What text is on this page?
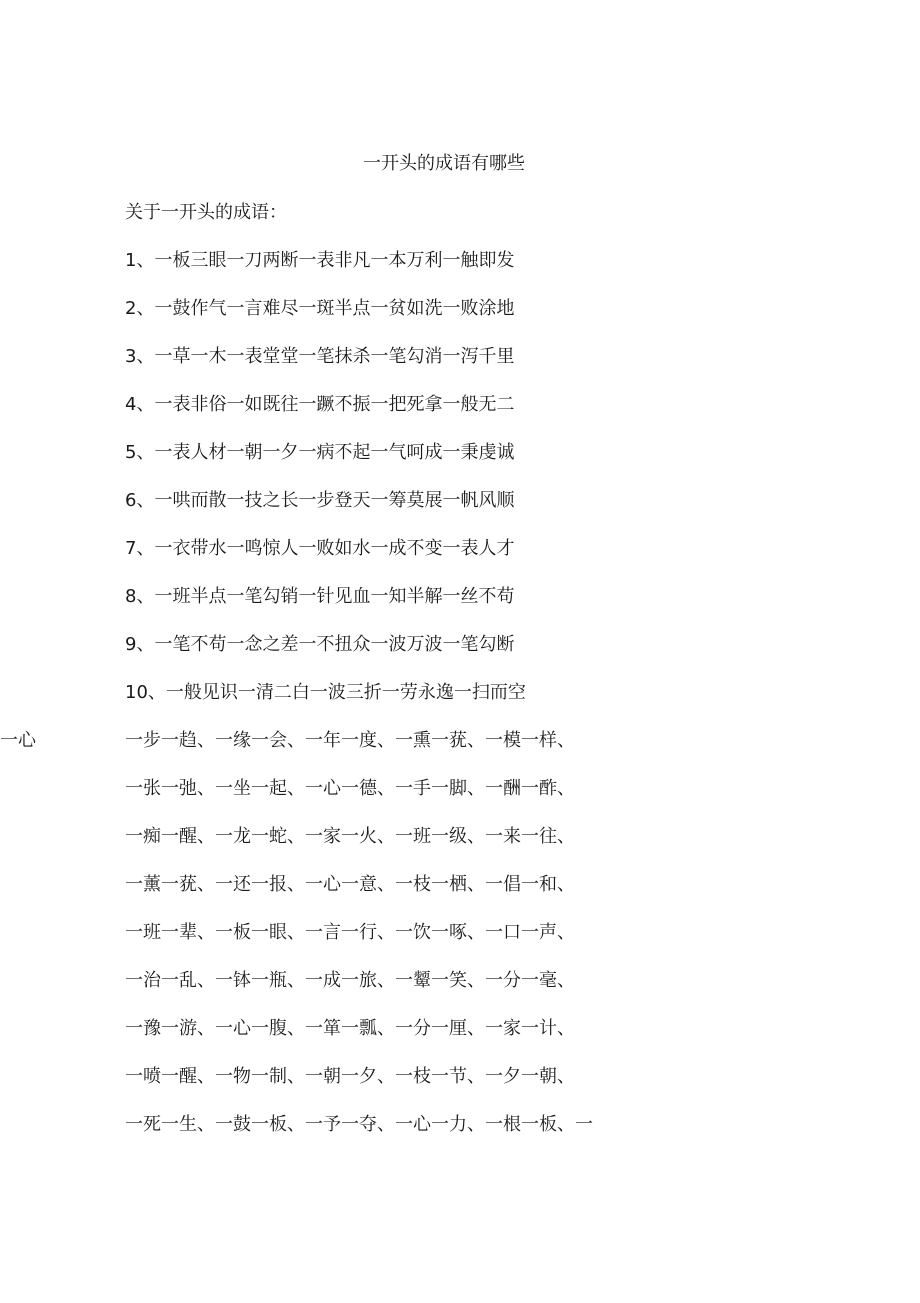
一开头的成语有哪些
关于一开头的成语：
1、一板三眼一刀两断一表非凡一本万利一触即发
2、一鼓作气一言难尽一斑半点一贫如洗一败涂地
3、一草一木一表堂堂一笔抹杀一笔勾消一泻千里
4、一表非俗一如既往一蹶不振一把死拿一般无二
5、一表人材一朝一夕一病不起一气呵成一秉虔诚
6、一哄而散一技之长一步登天一筹莫展一帆风顺
7、一衣带水一鸣惊人一败如水一成不变一表人才
8、一班半点一笔勾销一针见血一知半解一丝不苟
9、一笔不苟一念之差一不扭众一波万波一笔勾断
10、一般见识一清二白一波三折一劳永逸一扫而空
一心	一步一趋、一缘一会、一年一度、一熏一莸、一模一样、
一张一弛、一坐一起、一心一德、一手一脚、一酬一酢、
一痴一醒、一龙一蛇、一家一火、一班一级、一来一往、
一薰一莸、一还一报、一心一意、一枝一栖、一倡一和、
一班一辈、一板一眼、一言一行、一饮一啄、一口一声、
一治一乱、一钵一瓶、一成一旅、一颦一笑、一分一毫、
一豫一游、一心一腹、一箪一瓢、一分一厘、一家一计、
一喷一醒、一物一制、一朝一夕、一枝一节、一夕一朝、
一死一生、一鼓一板、一予一夺、一心一力、一根一板、一
